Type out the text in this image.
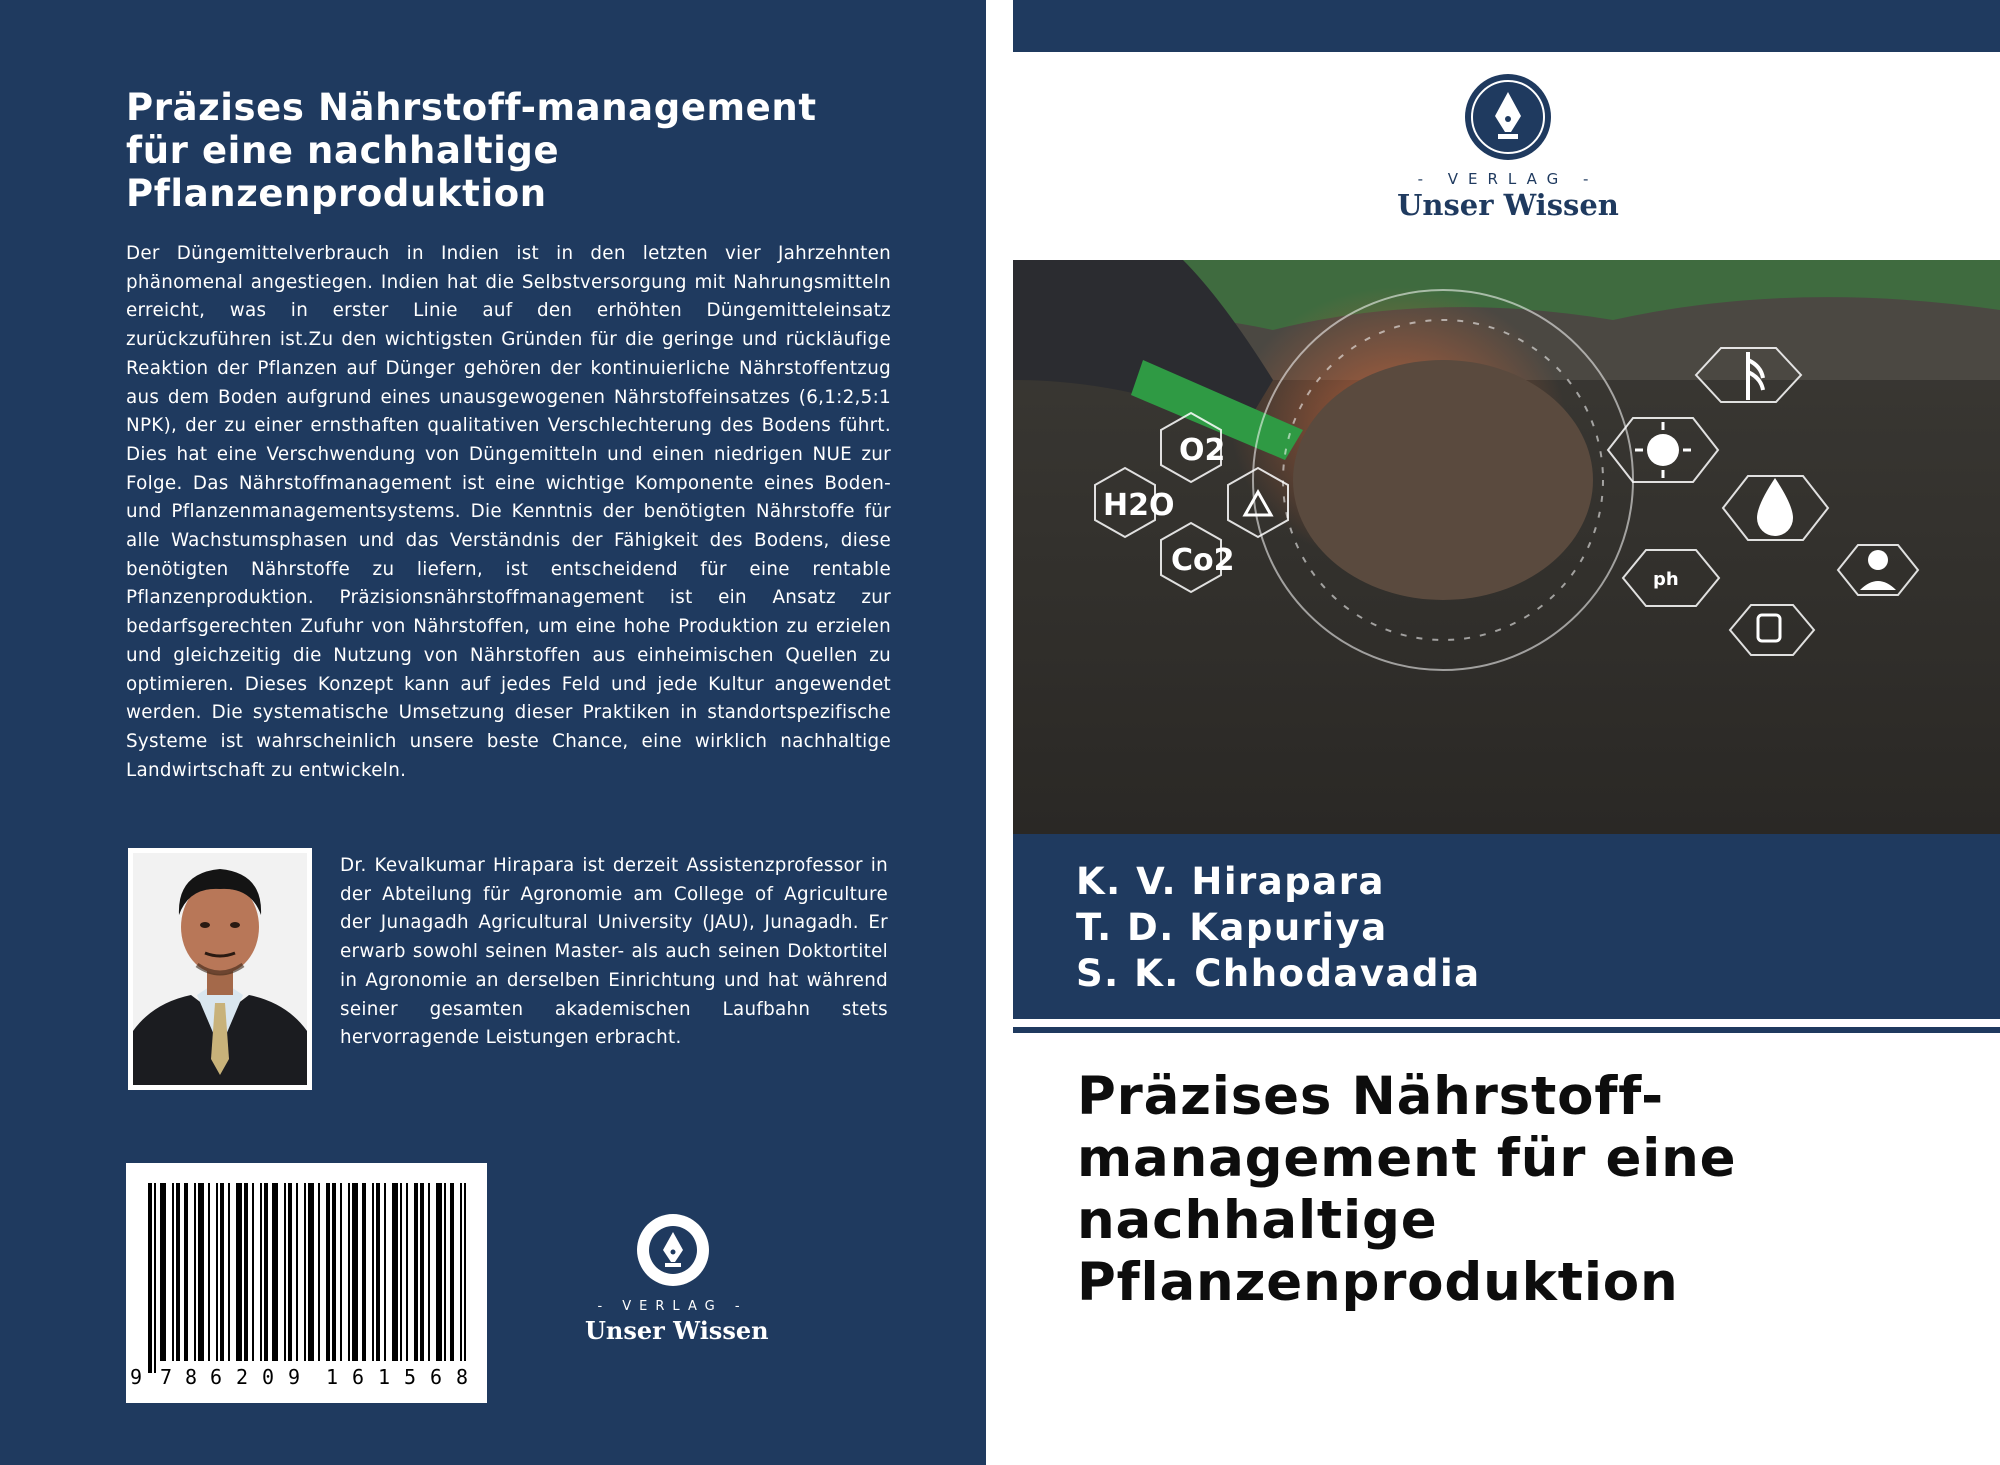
Präzises Nährstoff-management
für eine nachhaltige
Pflanzenproduktion
Der Düngemittelverbrauch in Indien ist in den letzten vier Jahrzehnten phänomenal angestiegen. Indien hat die Selbstversorgung mit Nahrungsmitteln erreicht, was in erster Linie auf den erhöhten Düngemitteleinsatz zurückzuführen ist.Zu den wichtigsten Gründen für die geringe und rückläufige Reaktion der Pflanzen auf Dünger gehören der kontinuierliche Nährstoffentzug aus dem Boden aufgrund eines unausgewogenen Nährstoffeinsatzes (6,1:2,5:1 NPK), der zu einer ernsthaften qualitativen Verschlechterung des Bodens führt. Dies hat eine Verschwendung von Düngemitteln und einen niedrigen NUE zur Folge. Das Nährstoffmanagement ist eine wichtige Komponente eines Boden- und Pflanzenmanagementsystems. Die Kenntnis der benötigten Nährstoffe für alle Wachstumsphasen und das Verständnis der Fähigkeit des Bodens, diese benötigten Nährstoffe zu liefern, ist entscheidend für eine rentable Pflanzenproduktion. Präzisionsnährstoffmanagement ist ein Ansatz zur bedarfsgerechten Zufuhr von Nährstoffen, um eine hohe Produktion zu erzielen und gleichzeitig die Nutzung von Nährstoffen aus einheimischen Quellen zu optimieren. Dieses Konzept kann auf jedes Feld und jede Kultur angewendet werden. Die systematische Umsetzung dieser Praktiken in standortspezifische Systeme ist wahrscheinlich unsere beste Chance, eine wirklich nachhaltige Landwirtschaft zu entwickeln.
Dr. Kevalkumar Hirapara ist derzeit Assistenzprofessor in der Abteilung für Agronomie am College of Agriculture der Junagadh Agricultural University (JAU), Junagadh. Er erwarb sowohl seinen Master- als auch seinen Doktortitel in Agronomie an derselben Einrichtung und hat während seiner gesamten akademischen Laufbahn stets hervorragende Leistungen erbracht.
9 7 8 6 2 0 9 1 6 1 5 6 8
- VERLAG -
Unser Wissen
- VERLAG -
Unser Wissen
O2
H2O
Co2
ph
K. V. Hirapara
T. D. Kapuriya
S. K. Chhodavadia
Präzises Nährstoff-
management für eine
nachhaltige
Pflanzenproduktion
